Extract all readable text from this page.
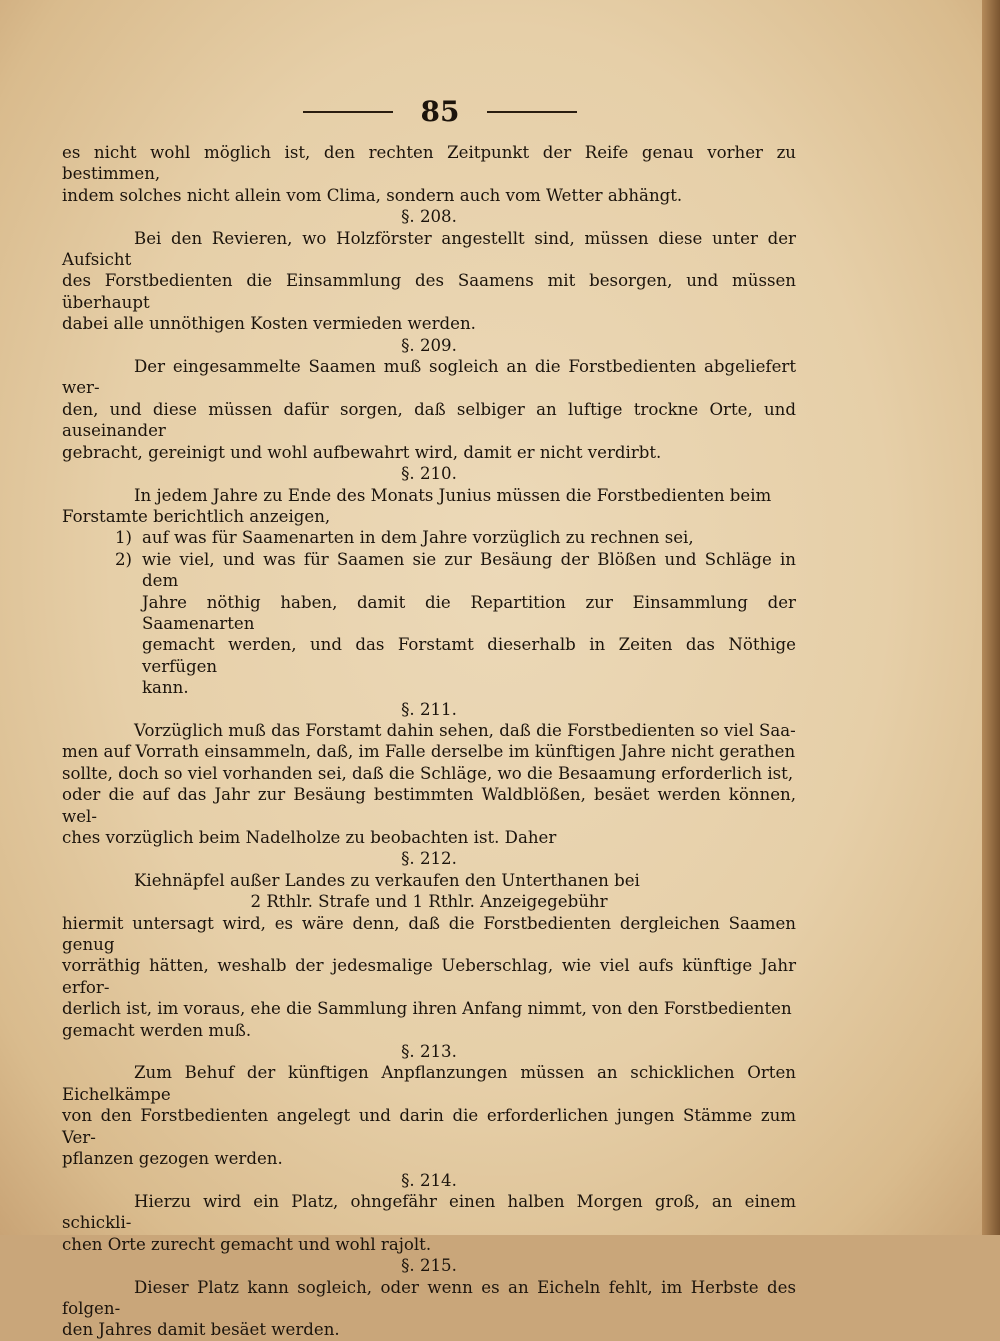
85

es nicht wohl möglich ist, den rechten Zeitpunkt der Reife genau vorher zu bestimmen,

indem solches nicht allein vom Clima, sondern auch vom Wetter abhängt.

§. 208.

Bei den Revieren, wo Holzförster angestellt sind, müssen diese unter der Aufsicht

des Forstbedienten die Einsammlung des Saamens mit besorgen, und müssen überhaupt

dabei alle unnöthigen Kosten vermieden werden.

§. 209.

Der eingesammelte Saamen muß sogleich an die Forstbedienten abgeliefert wer-

den, und diese müssen dafür sorgen, daß selbiger an luftige trockne Orte, und auseinander

gebracht, gereinigt und wohl aufbewahrt wird, damit er nicht verdirbt.

§. 210.

In jedem Jahre zu Ende des Monats Junius müssen die Forstbedienten beim

Forstamte berichtlich anzeigen,

1) auf was für Saamenarten in dem Jahre vorzüglich zu rechnen sei,
2) wie viel, und was für Saamen sie zur Besäung der Blößen und Schläge in dem

Jahre nöthig haben, damit die Repartition zur Einsammlung der Saamenarten

gemacht werden, und das Forstamt dieserhalb in Zeiten das Nöthige verfügen

kann.

§. 211.

Vorzüglich muß das Forstamt dahin sehen, daß die Forstbedienten so viel Saa-

men auf Vorrath einsammeln, daß, im Falle derselbe im künftigen Jahre nicht gerathen

sollte, doch so viel vorhanden sei, daß die Schläge, wo die Besaamung erforderlich ist,

oder die auf das Jahr zur Besäung bestimmten Waldblößen, besäet werden können, wel-

ches vorzüglich beim Nadelholze zu beobachten ist. Daher

§. 212.

Kiehnäpfel außer Landes zu verkaufen den Unterthanen bei

2 Rthlr. Strafe und 1 Rthlr. Anzeigegebühr

hiermit untersagt wird, es wäre denn, daß die Forstbedienten dergleichen Saamen genug

vorräthig hätten, weshalb der jedesmalige Ueberschlag, wie viel aufs künftige Jahr erfor-

derlich ist, im voraus, ehe die Sammlung ihren Anfang nimmt, von den Forstbedienten

gemacht werden muß.

§. 213.

Zum Behuf der künftigen Anpflanzungen müssen an schicklichen Orten Eichelkämpe

von den Forstbedienten angelegt und darin die erforderlichen jungen Stämme zum Ver-

pflanzen gezogen werden.

§. 214.

Hierzu wird ein Platz, ohngefähr einen halben Morgen groß, an einem schickli-

chen Orte zurecht gemacht und wohl rajolt.

§. 215.

Dieser Platz kann sogleich, oder wenn es an Eicheln fehlt, im Herbste des folgen-

den Jahres damit besäet werden.
